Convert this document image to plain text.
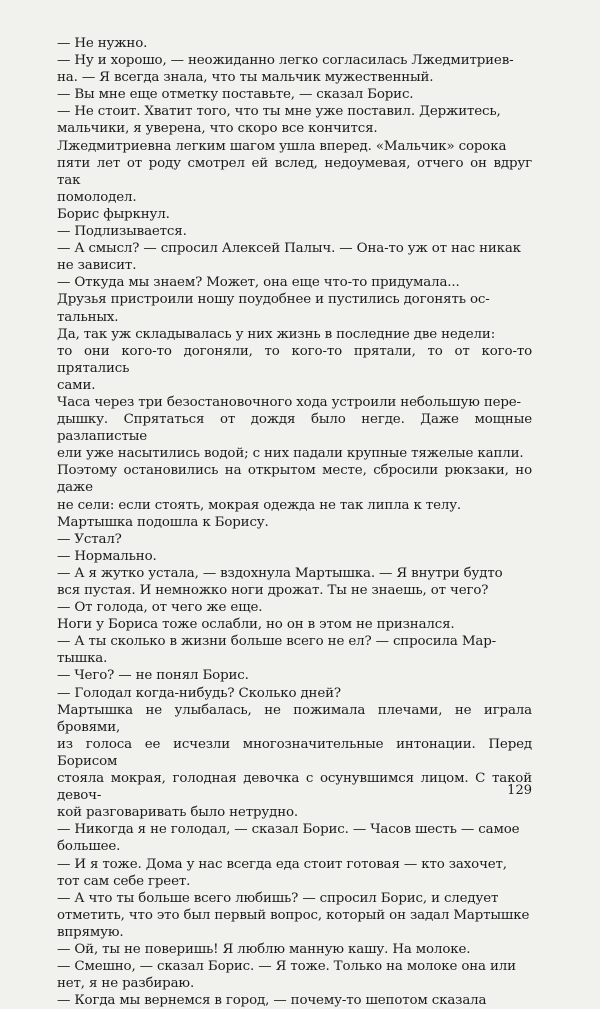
— Не нужно.

— Ну и хорошо, — неожиданно легко согласилась Лжедмитриев-
на. — Я всегда знала, что ты мальчик мужественный.

— Вы мне еще отметку поставьте, — сказал Борис.

— Не стоит. Хватит того, что ты мне уже поставил. Держитесь,
мальчики, я уверена, что скоро все кончится.

Лжедмитриевна легким шагом ушла вперед. «Мальчик» сорока
пяти лет от роду смотрел ей вслед, недоумевая, отчего он вдруг так
помолодел.

Борис фыркнул.

— Подлизывается.

— А смысл? — спросил Алексей Палыч. — Она-то уж от нас никак
не зависит.

— Откуда мы знаем? Может, она еще что-то придумала...

Друзья пристроили ношу поудобнее и пустились догонять ос-
тальных.

Да, так уж складывалась у них жизнь в последние две недели:
то они кого-то догоняли, то кого-то прятали, то от кого-то прятались
сами.

Часа через три безостановочного хода устроили небольшую пере-
дышку. Спрятаться от дождя было негде. Даже мощные разлапистые
ели уже насытились водой; с них падали крупные тяжелые капли.
Поэтому остановились на открытом месте, сбросили рюкзаки, но даже
не сели: если стоять, мокрая одежда не так липла к телу.

Мартышка подошла к Борису.

— Устал?

— Нормально.

— А я жутко устала, — вздохнула Мартышка. — Я внутри будто
вся пустая. И немножко ноги дрожат. Ты не знаешь, от чего?

— От голода, от чего же еще.

Ноги у Бориса тоже ослабли, но он в этом не признался.

— А ты сколько в жизни больше всего не ел? — спросила Мар-
тышка.

— Чего? — не понял Борис.

— Голодал когда-нибудь? Сколько дней?

Мартышка не улыбалась, не пожимала плечами, не играла бровями,
из голоса ее исчезли многозначительные интонации. Перед Борисом
стояла мокрая, голодная девочка с осунувшимся лицом. С такой девоч-
кой разговаривать было нетрудно.

— Никогда я не голодал, — сказал Борис. — Часов шесть — самое
большее.

— И я тоже. Дома у нас всегда еда стоит готовая — кто захочет,
тот сам себе греет.

— А что ты больше всего любишь? — спросил Борис, и следует
отметить, что это был первый вопрос, который он задал Мартышке
впрямую.

— Ой, ты не поверишь! Я люблю манную кашу. На молоке.

— Смешно, — сказал Борис. — Я тоже. Только на молоке она или
нет, я не разбираю.

— Когда мы вернемся в город, — почему-то шепотом сказала

129
